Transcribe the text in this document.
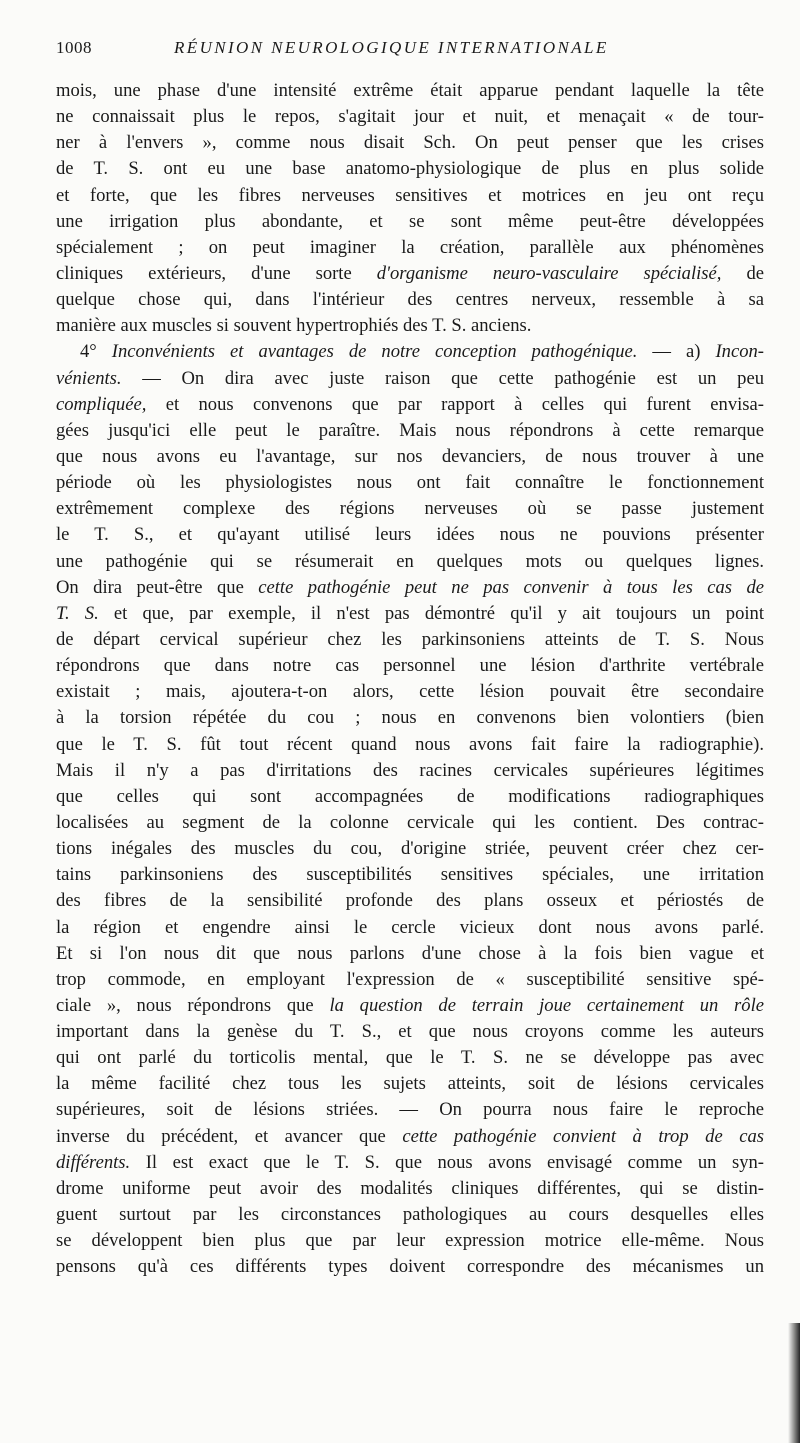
1008	RÉUNION NEUROLOGIQUE INTERNATIONALE
mois, une phase d'une intensité extrême était apparue pendant laquelle la tête
ne connaissait plus le repos, s'agitait jour et nuit, et menaçait « de tour-
ner à l'envers », comme nous disait Sch. On peut penser que les crises
de T. S. ont eu une base anatomo-physiologique de plus en plus solide
et forte, que les fibres nerveuses sensitives et motrices en jeu ont reçu
une irrigation plus abondante, et se sont même peut-être développées
spécialement ; on peut imaginer la création, parallèle aux phénomènes
cliniques extérieurs, d'une sorte d'organisme neuro-vasculaire spécialisé, de
quelque chose qui, dans l'intérieur des centres nerveux, ressemble à sa
manière aux muscles si souvent hypertrophiés des T. S. anciens.
4° Inconvénients et avantages de notre conception pathogénique. — a) Incon-
vénients. — On dira avec juste raison que cette pathogénie est un peu
compliquée, et nous convenons que par rapport à celles qui furent envisa-
gées jusqu'ici elle peut le paraître. Mais nous répondrons à cette remarque
que nous avons eu l'avantage, sur nos devanciers, de nous trouver à une
période où les physiologistes nous ont fait connaître le fonctionnement
extrêmement complexe des régions nerveuses où se passe justement
le T. S., et qu'ayant utilisé leurs idées nous ne pouvions présenter
une pathogénie qui se résumerait en quelques mots ou quelques lignes.
On dira peut-être que cette pathogénie peut ne pas convenir à tous les cas de
T. S. et que, par exemple, il n'est pas démontré qu'il y ait toujours un point
de départ cervical supérieur chez les parkinsoniens atteints de T. S. Nous
répondrons que dans notre cas personnel une lésion d'arthrite vertébrale
existait ; mais, ajoutera-t-on alors, cette lésion pouvait être secondaire
à la torsion répétée du cou ; nous en convenons bien volontiers (bien
que le T. S. fût tout récent quand nous avons fait faire la radiographie).
Mais il n'y a pas d'irritations des racines cervicales supérieures légitimes
que celles qui sont accompagnées de modifications radiographiques
localisées au segment de la colonne cervicale qui les contient. Des contrac-
tions inégales des muscles du cou, d'origine striée, peuvent créer chez cer-
tains parkinsoniens des susceptibilités sensitives spéciales, une irritation
des fibres de la sensibilité profonde des plans osseux et périostés de
la région et engendre ainsi le cercle vicieux dont nous avons parlé.
Et si l'on nous dit que nous parlons d'une chose à la fois bien vague et
trop commode, en employant l'expression de « susceptibilité sensitive spé-
ciale », nous répondrons que la question de terrain joue certainement un rôle
important dans la genèse du T. S., et que nous croyons comme les auteurs
qui ont parlé du torticolis mental, que le T. S. ne se développe pas avec
la même facilité chez tous les sujets atteints, soit de lésions cervicales
supérieures, soit de lésions striées. — On pourra nous faire le reproche
inverse du précédent, et avancer que cette pathogénie convient à trop de cas
différents. Il est exact que le T. S. que nous avons envisagé comme un syn-
drome uniforme peut avoir des modalités cliniques différentes, qui se distin-
guent surtout par les circonstances pathologiques au cours desquelles elles
se développent bien plus que par leur expression motrice elle-même. Nous
pensons qu'à ces différents types doivent correspondre des mécanismes un
